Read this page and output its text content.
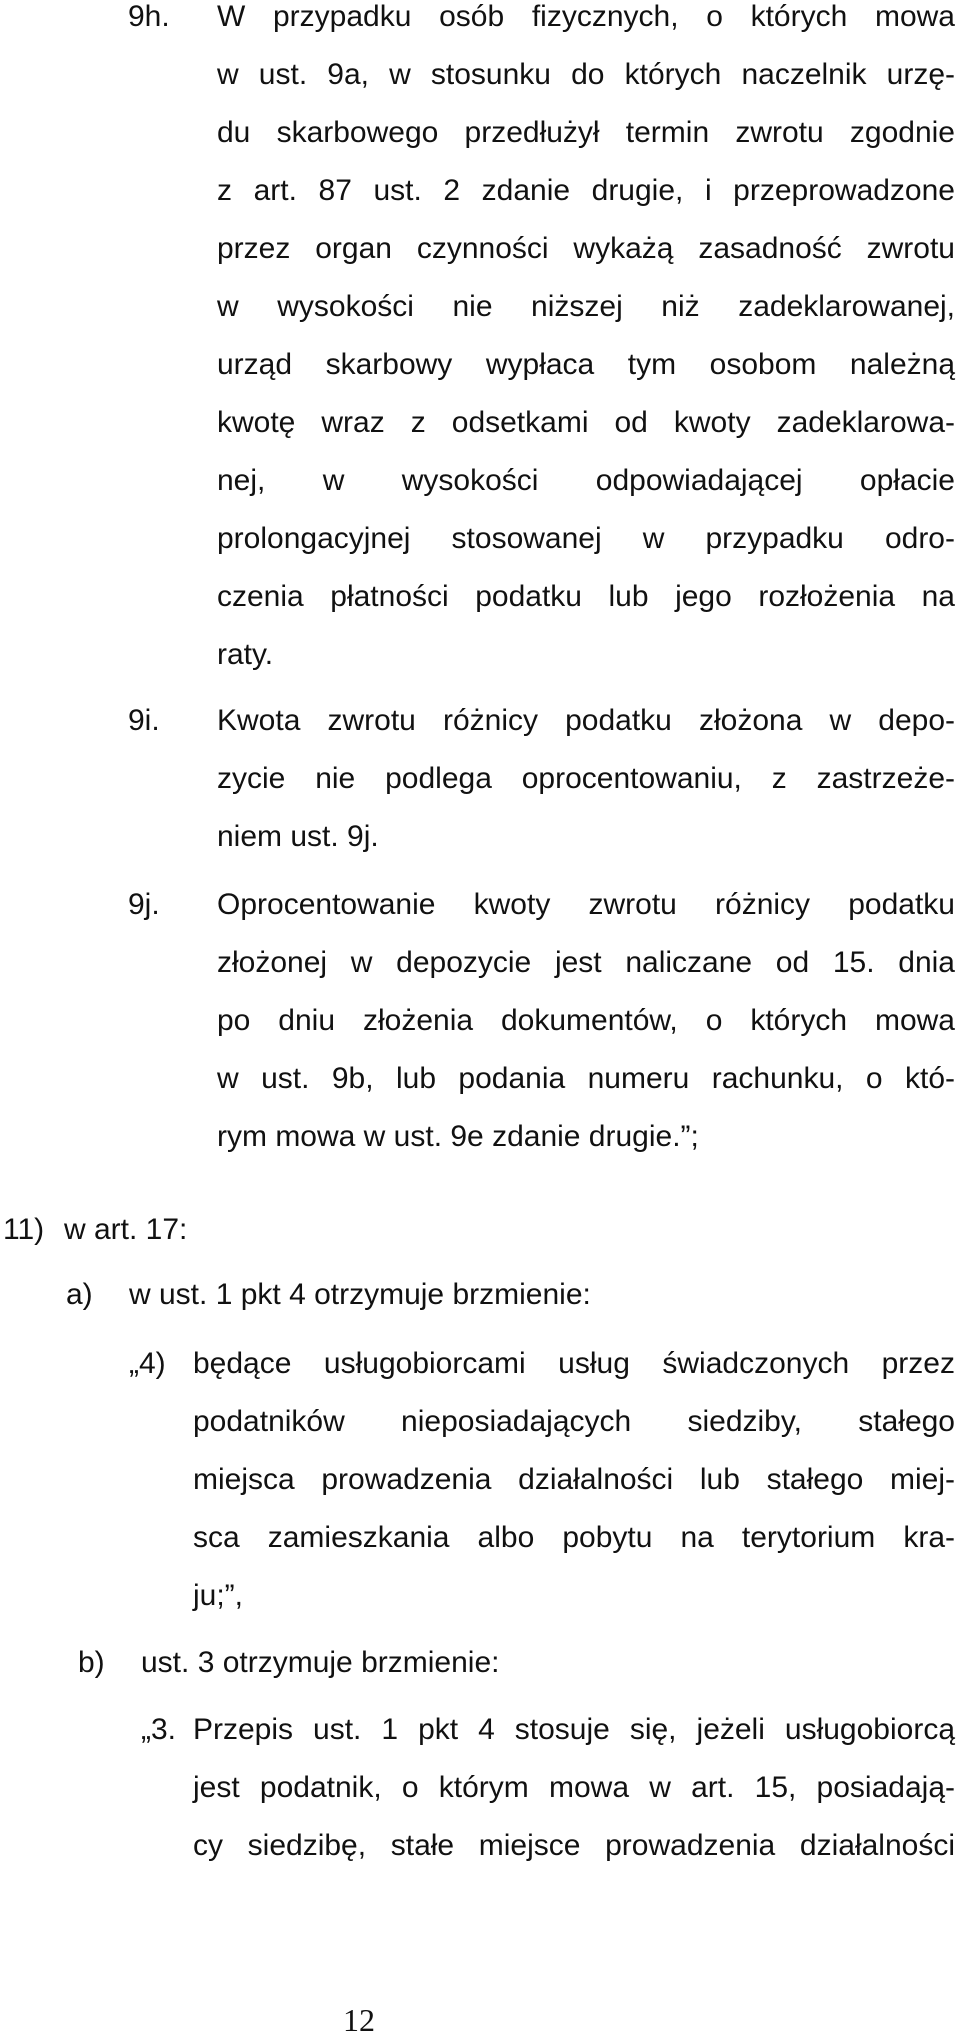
9h. W przypadku osób fizycznych, o których mowa
w ust. 9a, w stosunku do których naczelnik urzę-
du skarbowego przedłużył termin zwrotu zgodnie
z art. 87 ust. 2 zdanie drugie, i przeprowadzone
przez organ czynności wykażą zasadność zwrotu
w wysokości nie niższej niż zadeklarowanej,
urząd skarbowy wypłaca tym osobom należną
kwotę wraz z odsetkami od kwoty zadeklarowa-
nej, w wysokości odpowiadającej opłacie
prolongacyjnej stosowanej w przypadku odro-
czenia płatności podatku lub jego rozłożenia na
raty.
9i. Kwota zwrotu różnicy podatku złożona w depo-
zycie nie podlega oprocentowaniu, z zastrzeże-
niem ust. 9j.
9j. Oprocentowanie kwoty zwrotu różnicy podatku
złożonej w depozycie jest naliczane od 15. dnia
po dniu złożenia dokumentów, o których mowa
w ust. 9b, lub podania numeru rachunku, o któ-
rym mowa w ust. 9e zdanie drugie.”;
11) w art. 17:
a) w ust. 1 pkt 4 otrzymuje brzmienie:
„4) będące usługobiorcami usług świadczonych przez
podatników nieposiadających siedziby, stałego
miejsca prowadzenia działalności lub stałego miej-
sca zamieszkania albo pobytu na terytorium kra-
ju;”,
b) ust. 3 otrzymuje brzmienie:
„3. Przepis ust. 1 pkt 4 stosuje się, jeżeli usługobiorcą
jest podatnik, o którym mowa w art. 15, posiadają-
cy siedzibę, stałe miejsce prowadzenia działalności
12
